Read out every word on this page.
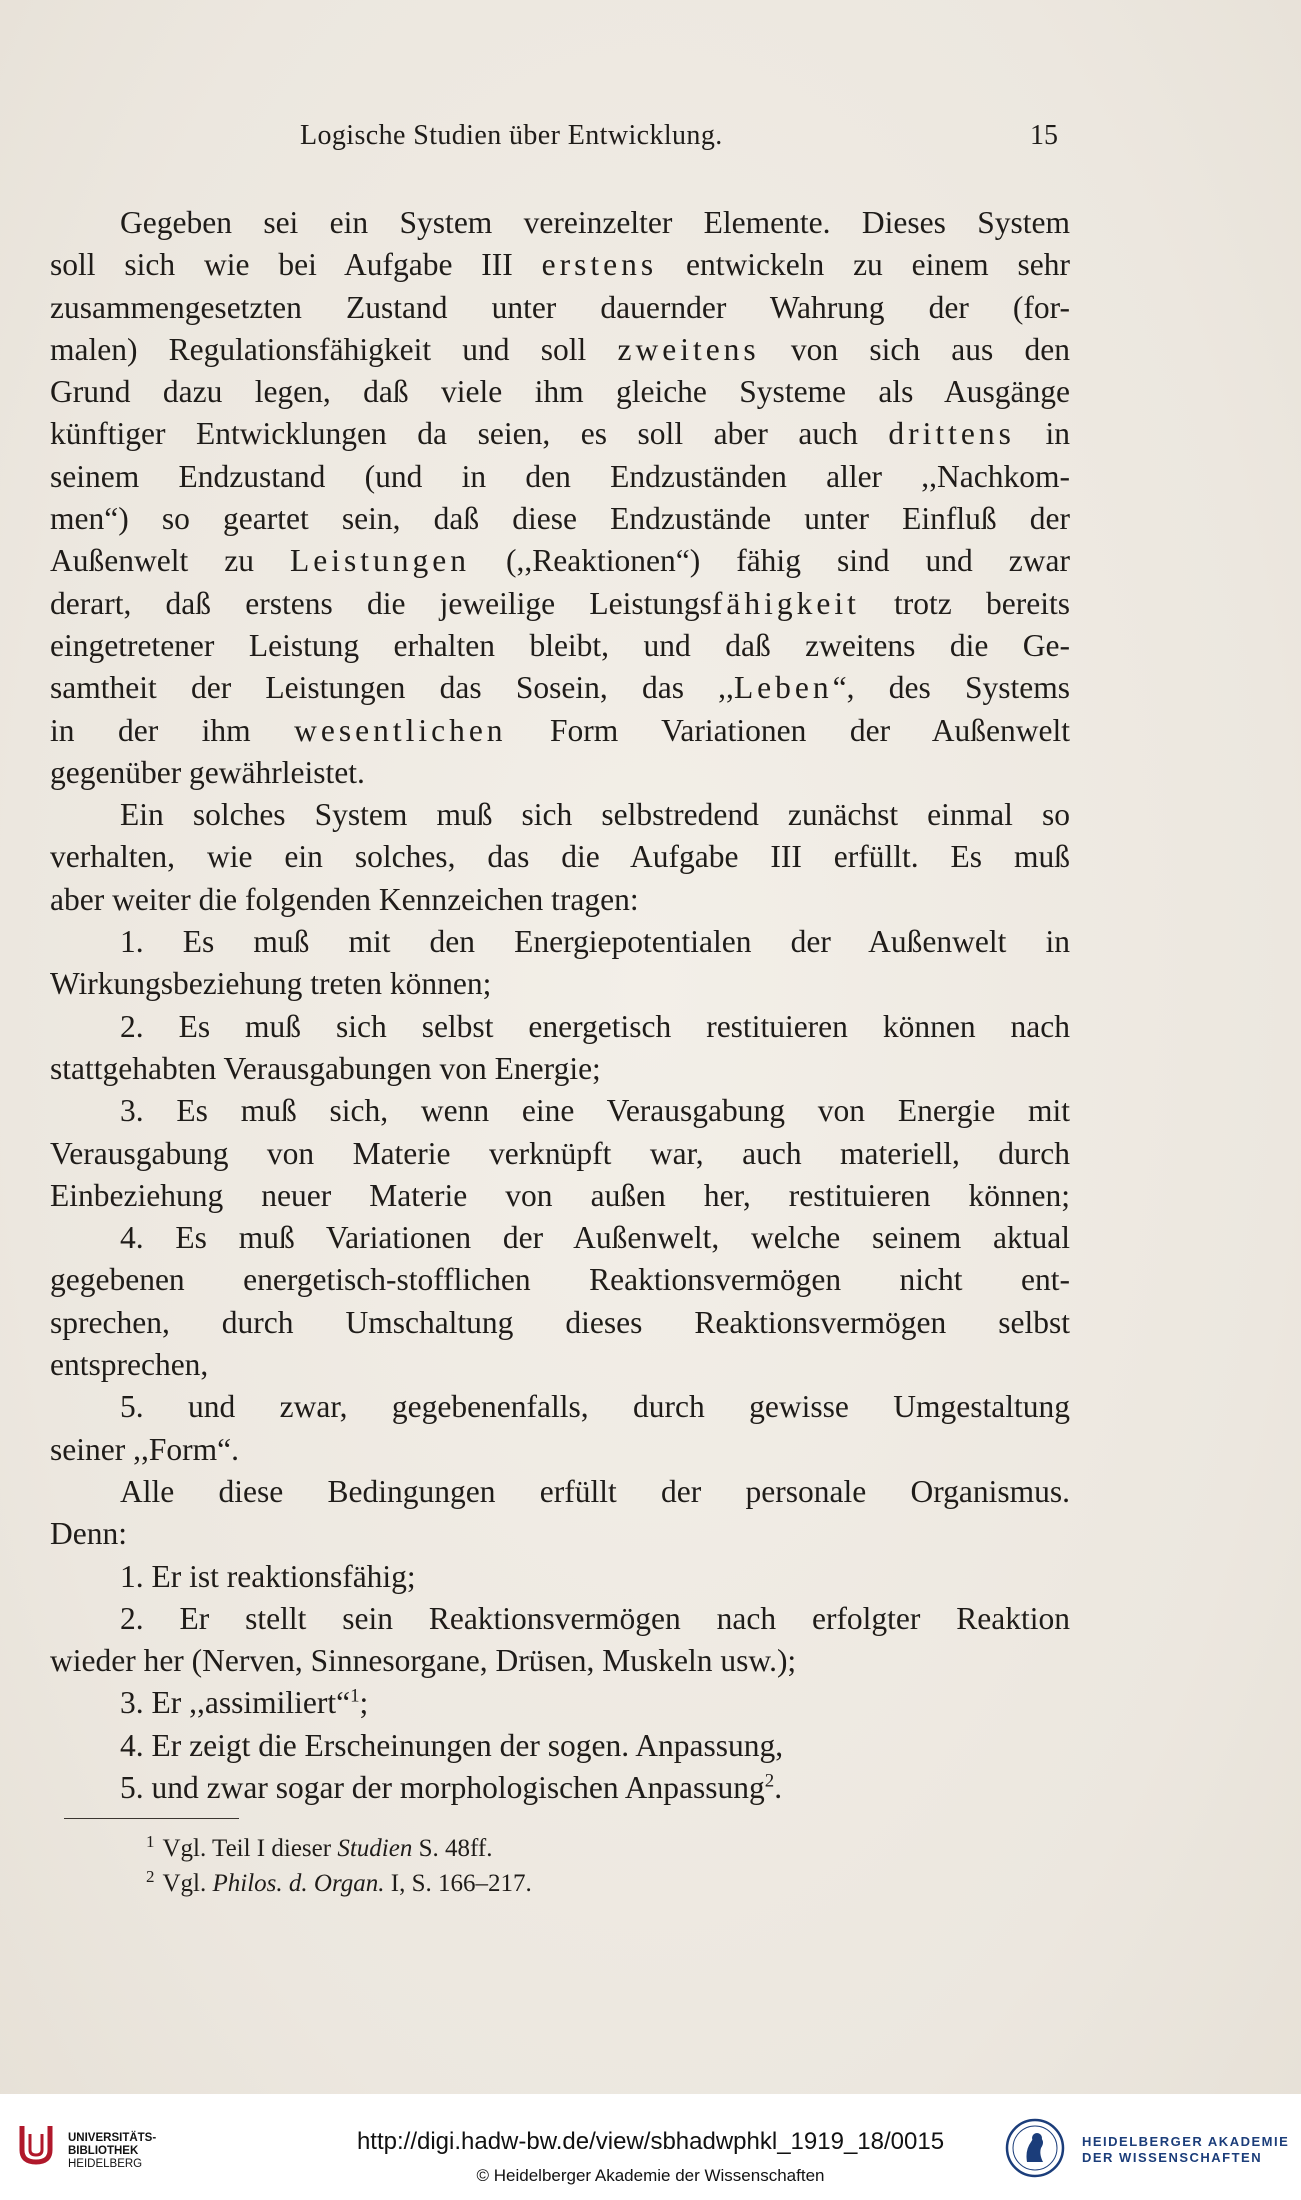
Logische Studien über Entwicklung.	15
Gegeben sei ein System vereinzelter Elemente. Dieses System
soll sich wie bei Aufgabe III erstens entwickeln zu einem sehr
zusammengesetzten Zustand unter dauernder Wahrung der (for-
malen) Regulationsfähigkeit und soll zweitens von sich aus den
Grund dazu legen, daß viele ihm gleiche Systeme als Ausgänge
künftiger Entwicklungen da seien, es soll aber auch drittens in
seinem Endzustand (und in den Endzuständen aller ,,Nachkom-
men“) so geartet sein, daß diese Endzustände unter Einfluß der
Außenwelt zu Leistungen (,,Reaktionen“) fähig sind und zwar
derart, daß erstens die jeweilige Leistungsfähigkeit trotz bereits
eingetretener Leistung erhalten bleibt, und daß zweitens die Ge-
samtheit der Leistungen das Sosein, das ,,Leben“, des Systems
in der ihm wesentlichen Form Variationen der Außenwelt
gegenüber gewährleistet.
Ein solches System muß sich selbstredend zunächst einmal so
verhalten, wie ein solches, das die Aufgabe III erfüllt. Es muß
aber weiter die folgenden Kennzeichen tragen:
1. Es muß mit den Energiepotentialen der Außenwelt in
Wirkungsbeziehung treten können;
2. Es muß sich selbst energetisch restituieren können nach
stattgehabten Verausgabungen von Energie;
3. Es muß sich, wenn eine Verausgabung von Energie mit
Verausgabung von Materie verknüpft war, auch materiell, durch
Einbeziehung neuer Materie von außen her, restituieren können;
4. Es muß Variationen der Außenwelt, welche seinem aktual
gegebenen energetisch-stofflichen Reaktionsvermögen nicht ent-
sprechen, durch Umschaltung dieses Reaktionsvermögen selbst
entsprechen,
5. und zwar, gegebenenfalls, durch gewisse Umgestaltung
seiner ,,Form“.
Alle diese Bedingungen erfüllt der personale Organismus.
Denn:
1. Er ist reaktionsfähig;
2. Er stellt sein Reaktionsvermögen nach erfolgter Reaktion
wieder her (Nerven, Sinnesorgane, Drüsen, Muskeln usw.);
3. Er ,,assimiliert“$^1$;
4. Er zeigt die Erscheinungen der sogen. Anpassung,
5. und zwar sogar der morphologischen Anpassung$^2$.
$^1$ Vgl. Teil I dieser Studien S. 48ff.
$^2$ Vgl. Philos. d. Organ. I, S. 166–217.
UNIVERSITÄTS-
BIBLIOTHEK
HEIDELBERG
http://digi.hadw-bw.de/view/sbhadwphkl_1919_18/0015
© Heidelberger Akademie der Wissenschaften
HEIDELBERGER AKADEMIE
DER WISSENSCHAFTEN
